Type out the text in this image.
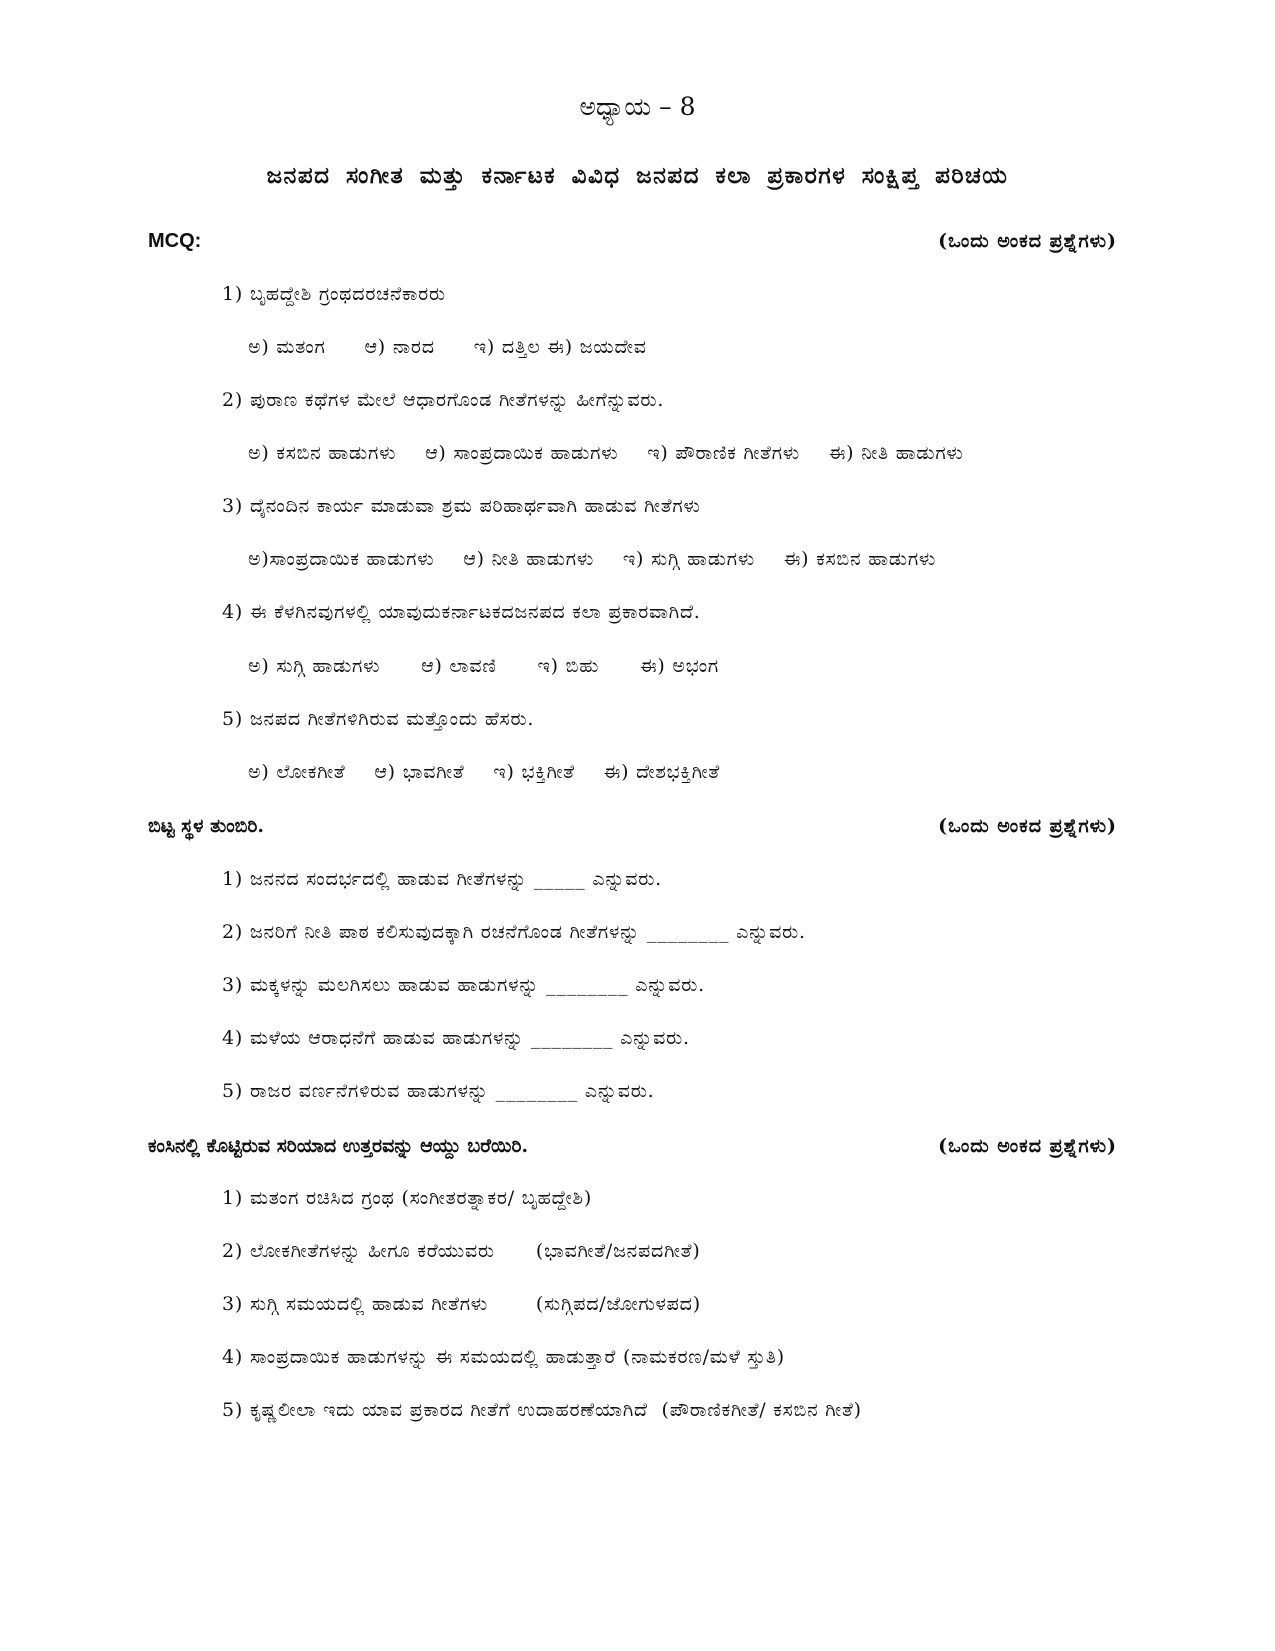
ಅಧ್ಯಾಯ – 8
ಜನಪದ ಸಂಗೀತ ಮತ್ತು ಕರ್ನಾಟಕ ವಿವಿಧ ಜನಪದ ಕಲಾ ಪ್ರಕಾರಗಳ ಸಂಕ್ಷಿಪ್ತ ಪರಿಚಯ
MCQ:	(ಒಂದು ಅಂಕದ ಪ್ರಶ್ನೆಗಳು)
1) ಬೃಹದ್ದೇಶಿ ಗ್ರಂಥದರಚನೆಕಾರರು
ಅ) ಮತಂಗ ಆ) ನಾರದ ಇ) ದತ್ತಿಲ ಈ) ಜಯದೇವ
2) ಪುರಾಣ ಕಥೆಗಳ ಮೇಲೆ ಆಧಾರಗೊಂಡ ಗೀತೆಗಳನ್ನು ಹೀಗೆನ್ನುವರು.
ಅ) ಕಸಬಿನ ಹಾಡುಗಳು ಆ) ಸಾಂಪ್ರದಾಯಿಕ ಹಾಡುಗಳು ಇ) ಪೌರಾಣಿಕ ಗೀತೆಗಳು ಈ) ನೀತಿ ಹಾಡುಗಳು
3) ದೈನಂದಿನ ಕಾರ್ಯ ಮಾಡುವಾ ಶ್ರಮ ಪರಿಹಾರ್ಥವಾಗಿ ಹಾಡುವ ಗೀತೆಗಳು
ಅ)ಸಾಂಪ್ರದಾಯಿಕ ಹಾಡುಗಳು ಆ) ನೀತಿ ಹಾಡುಗಳು ಇ) ಸುಗ್ಗಿ ಹಾಡುಗಳು ಈ) ಕಸಬಿನ ಹಾಡುಗಳು
4) ಈ ಕೆಳಗಿನವುಗಳಲ್ಲಿ ಯಾವುದುಕರ್ನಾಟಕದಜನಪದ ಕಲಾ ಪ್ರಕಾರವಾಗಿದೆ.
ಅ) ಸುಗ್ಗಿ ಹಾಡುಗಳು ಆ) ಲಾವಣಿ ಇ) ಬಿಹು ಈ) ಅಭಂಗ
5) ಜನಪದ ಗೀತೆಗಳಿಗಿರುವ ಮತ್ತೊಂದು ಹೆಸರು.
ಅ) ಲೋಕಗೀತೆ ಆ) ಭಾವಗೀತೆ ಇ) ಭಕ್ತಿಗೀತೆ ಈ) ದೇಶಭಕ್ತಿಗೀತೆ
ಬಿಟ್ಟ ಸ್ಥಳ ತುಂಬಿರಿ.	(ಒಂದು ಅಂಕದ ಪ್ರಶ್ನೆಗಳು)
1) ಜನನದ ಸಂದರ್ಭದಲ್ಲಿ ಹಾಡುವ ಗೀತೆಗಳನ್ನು _____ ಎನ್ನುವರು.
2) ಜನರಿಗೆ ನೀತಿ ಪಾಠ ಕಲಿಸುವುದಕ್ಕಾಗಿ ರಚನೆಗೊಂಡ ಗೀತೆಗಳನ್ನು ________ ಎನ್ನುವರು.
3) ಮಕ್ಕಳನ್ನು ಮಲಗಿಸಲು ಹಾಡುವ ಹಾಡುಗಳನ್ನು ________ ಎನ್ನುವರು.
4) ಮಳೆಯ ಆರಾಧನೆಗೆ ಹಾಡುವ ಹಾಡುಗಳನ್ನು ________ ಎನ್ನುವರು.
5) ರಾಜರ ವರ್ಣನೆಗಳಿರುವ ಹಾಡುಗಳನ್ನು ________ ಎನ್ನುವರು.
ಕಂಸಿನಲ್ಲಿ ಕೊಟ್ಟಿರುವ ಸರಿಯಾದ ಉತ್ತರವನ್ನು ಆಯ್ದು ಬರೆಯಿರಿ.	(ಒಂದು ಅಂಕದ ಪ್ರಶ್ನೆಗಳು)
1) ಮತಂಗ ರಚಿಸಿದ ಗ್ರಂಥ (ಸಂಗೀತರತ್ನಾಕರ/ ಬೃಹದ್ದೇಶಿ)
2) ಲೋಕಗೀತೆಗಳನ್ನು ಹೀಗೂ ಕರೆಯುವರು      (ಭಾವಗೀತೆ/ಜನಪದಗೀತೆ)
3) ಸುಗ್ಗಿ ಸಮಯದಲ್ಲಿ ಹಾಡುವ ಗೀತೆಗಳು       (ಸುಗ್ಗಿಪದ/ಜೋಗುಳಪದ)
4) ಸಾಂಪ್ರದಾಯಿಕ ಹಾಡುಗಳನ್ನು ಈ ಸಮಯದಲ್ಲಿ ಹಾಡುತ್ತಾರೆ (ನಾಮಕರಣ/ಮಳೆ ಸ್ತುತಿ)
5) ಕೃಷ್ಣಲೀಲಾ ಇದು ಯಾವ ಪ್ರಕಾರದ ಗೀತೆಗೆ ಉದಾಹರಣೆಯಾಗಿದೆ  (ಪೌರಾಣಿಕಗೀತೆ/ ಕಸಬಿನ ಗೀತೆ)
